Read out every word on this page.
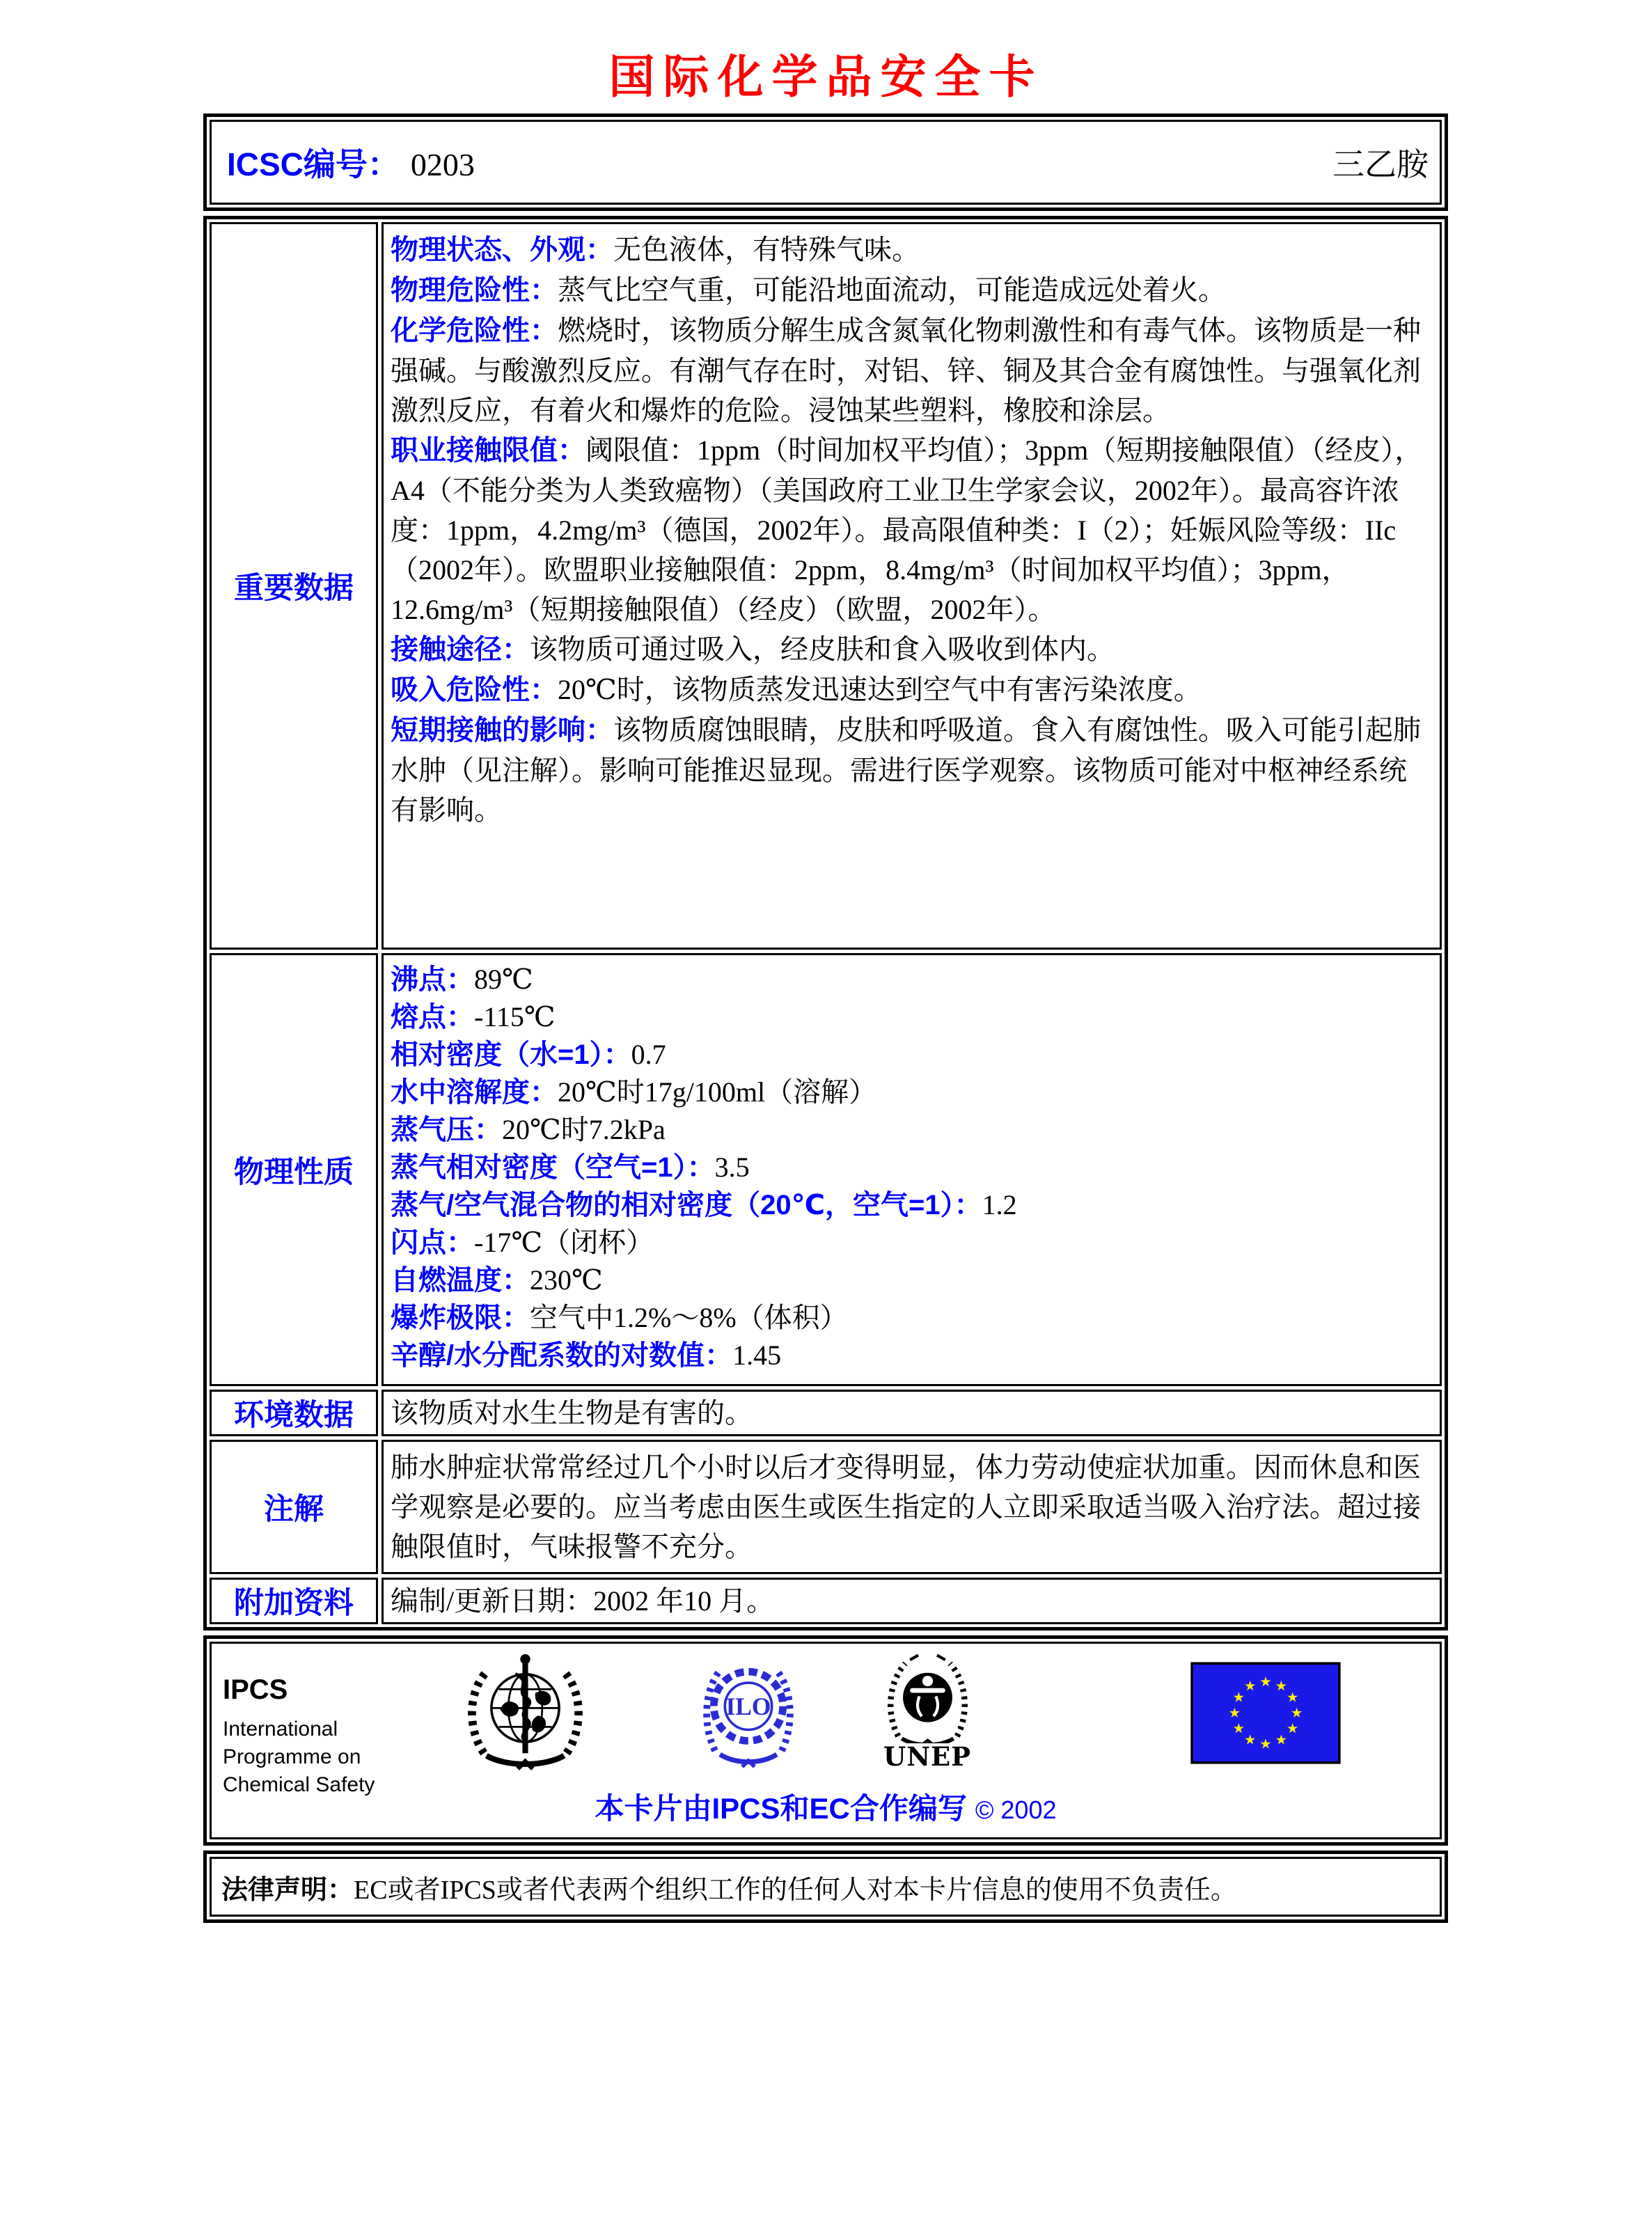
国际化学品安全卡
ICSC编号： 0203	三乙胺
重要数据

物理状态、外观：无色液体，有特殊气味。

物理危险性：蒸气比空气重，可能沿地面流动，可能造成远处着火。

化学危险性：燃烧时，该物质分解生成含氮氧化物刺激性和有毒气体。该物质是一种强碱。与酸激烈反应。有潮气存在时，对铝、锌、铜及其合金有腐蚀性。与强氧化剂激烈反应，有着火和爆炸的危险。浸蚀某些塑料，橡胶和涂层。

职业接触限值：阈限值：1ppm（时间加权平均值）；3ppm（短期接触限值）（经皮），A4（不能分类为人类致癌物）（美国政府工业卫生学家会议，2002年）。最高容许浓度：1ppm，4.2mg/m³（德国，2002年）。最高限值种类：I（2）；妊娠风险等级：IIc（2002年）。欧盟职业接触限值：2ppm，8.4mg/m³（时间加权平均值）；3ppm，12.6mg/m³（短期接触限值）（经皮）（欧盟，2002年）。

接触途径：该物质可通过吸入，经皮肤和食入吸收到体内。

吸入危险性：20℃时，该物质蒸发迅速达到空气中有害污染浓度。

短期接触的影响：该物质腐蚀眼睛，皮肤和呼吸道。食入有腐蚀性。吸入可能引起肺水肿（见注解）。影响可能推迟显现。需进行医学观察。该物质可能对中枢神经系统有影响。

物理性质

沸点：89℃

熔点：-115℃

相对密度（水=1）：0.7

水中溶解度：20℃时17g/100ml（溶解）

蒸气压：20℃时7.2kPa

蒸气相对密度（空气=1）：3.5

蒸气/空气混合物的相对密度（20℃，空气=1）：1.2

闪点：-17℃（闭杯）

自燃温度：230℃

爆炸极限：空气中1.2%～8%（体积）

辛醇/水分配系数的对数值：1.45

环境数据	该物质对水生生物是有害的。
注解
肺水肿症状常常经过几个小时以后才变得明显，体力劳动使症状加重。因而休息和医学观察是必要的。应当考虑由医生或医生指定的人立即采取适当吸入治疗法。超过接触限值时，气味报警不充分。
附加资料	编制/更新日期：2002 年10 月。

IPCS

International

Programme on

Chemical Safety

ILO
UNEP
本卡片由IPCS和EC合作编写 © 2002
法律声明： EC或者IPCS或者代表两个组织工作的任何人对本卡片信息的使用不负责任。
